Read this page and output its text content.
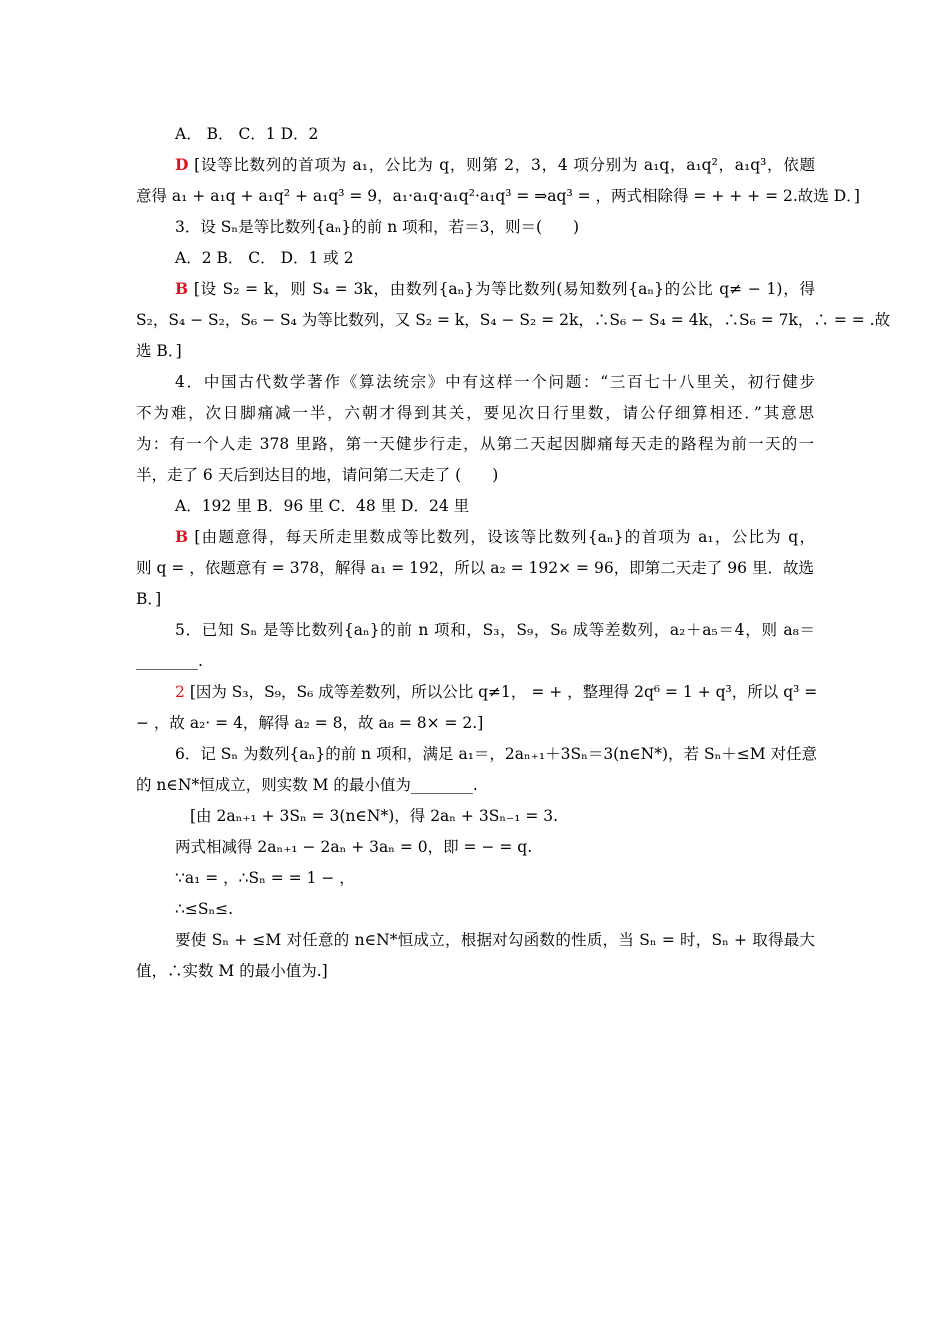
A． B． C．1 D．2
D [设等比数列的首项为 a₁，公比为 q，则第 2，3，4 项分别为 a₁q，a₁q²，a₁q³，依题
意得 a₁ + a₁q + a₁q² + a₁q³ = 9，a₁·a₁q·a₁q²·a₁q³ = ⇒aq³ = ，两式相除得 = + + + = 2.故选 D．]
3．设 Sₙ是等比数列{aₙ}的前 n 项和，若＝3，则＝(　　)
A．2 B． C． D．1 或 2
B [设 S₂ = k，则 S₄ = 3k，由数列{aₙ}为等比数列(易知数列{aₙ}的公比 q≠ − 1)，得
S₂，S₄ − S₂，S₆ − S₄ 为等比数列，又 S₂ = k，S₄ − S₂ = 2k，∴S₆ − S₄ = 4k，∴S₆ = 7k，∴ = = .故
选 B．]
4．中国古代数学著作《算法统宗》中有这样一个问题：“三百七十八里关，初行健步
不为难，次日脚痛减一半，六朝才得到其关，要见次日行里数，请公仔细算相还．”其意思
为：有一个人走 378 里路，第一天健步行走，从第二天起因脚痛每天走的路程为前一天的一
半，走了 6 天后到达目的地，请问第二天走了 (　　)
A．192 里 B．96 里 C．48 里 D．24 里
B [由题意得，每天所走里数成等比数列，设该等比数列{aₙ}的首项为 a₁，公比为 q，
则 q = ，依题意有 = 378，解得 a₁ = 192，所以 a₂ = 192× = 96，即第二天走了 96 里．故选
B．]
5．已知 Sₙ 是等比数列{aₙ}的前 n 项和，S₃，S₉，S₆ 成等差数列，a₂＋a₅＝4，则 a₈＝
________.
2 [因为 S₃，S₉，S₆ 成等差数列，所以公比 q≠1， = + ，整理得 2q⁶ = 1 + q³，所以 q³ =
− ，故 a₂· = 4，解得 a₂ = 8，故 a₈ = 8× = 2.]
6．记 Sₙ 为数列{aₙ}的前 n 项和，满足 a₁＝，2aₙ₊₁＋3Sₙ＝3(n∈N*)，若 Sₙ＋≤M 对任意
的 n∈N*恒成立，则实数 M 的最小值为________.
[由 2aₙ₊₁ + 3Sₙ = 3(n∈N*)，得 2aₙ + 3Sₙ₋₁ = 3.
两式相减得 2aₙ₊₁ − 2aₙ + 3aₙ = 0，即 = − = q.
∵a₁ = ，∴Sₙ = = 1 − ，
∴≤Sₙ≤.
要使 Sₙ + ≤M 对任意的 n∈N*恒成立，根据对勾函数的性质，当 Sₙ = 时，Sₙ + 取得最大
值，∴实数 M 的最小值为.]
